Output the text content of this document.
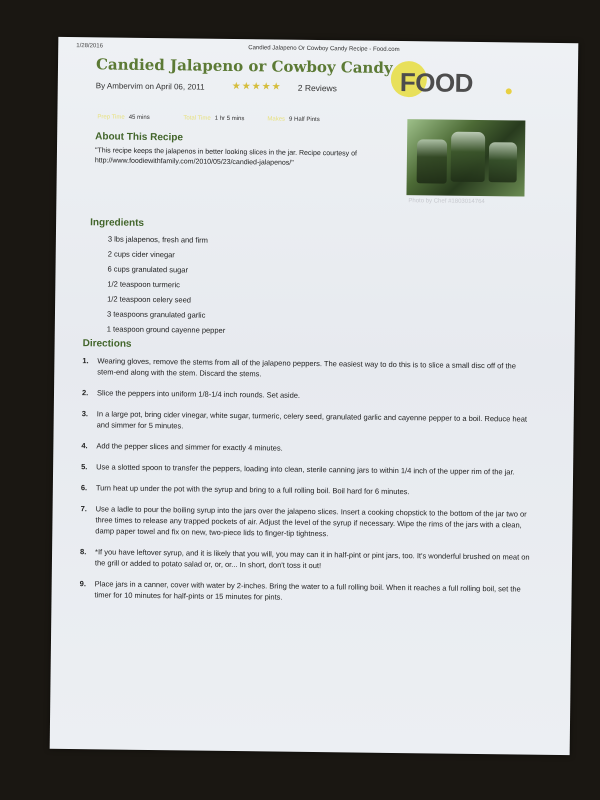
1/28/2016	Candied Jalapeno Or Cowboy Candy Recipe - Food.com
Candied Jalapeno or Cowboy Candy
By Ambervim on April 06, 2011	★★★★★ 2 Reviews FOOD
Prep Time 45 mins	Total Time 1 hr 5 mins	Makes 9 Half Pints
About This Recipe
"This recipe keeps the jalapenos in better looking slices in the jar. Recipe courtesy of http://www.foodiewithfamily.com/2010/05/23/candied-jalapenos/"
Photo by Chef #1803014764
Ingredients
3 lbs jalapenos, fresh and firm
2 cups cider vinegar
6 cups granulated sugar
1/2 teaspoon turmeric
1/2 teaspoon celery seed
3 teaspoons granulated garlic
1 teaspoon ground cayenne pepper
Directions
1. Wearing gloves, remove the stems from all of the jalapeno peppers. The easiest way to do this is to slice a small disc off of the stem-end along with the stem. Discard the stems.
2. Slice the peppers into uniform 1/8-1/4 inch rounds. Set aside.
3. In a large pot, bring cider vinegar, white sugar, turmeric, celery seed, granulated garlic and cayenne pepper to a boil. Reduce heat and simmer for 5 minutes.
4. Add the pepper slices and simmer for exactly 4 minutes.
5. Use a slotted spoon to transfer the peppers, loading into clean, sterile canning jars to within 1/4 inch of the upper rim of the jar.
6. Turn heat up under the pot with the syrup and bring to a full rolling boil. Boil hard for 6 minutes.
7. Use a ladle to pour the boiling syrup into the jars over the jalapeno slices. Insert a cooking chopstick to the bottom of the jar two or three times to release any trapped pockets of air. Adjust the level of the syrup if necessary. Wipe the rims of the jars with a clean, damp paper towel and fix on new, two-piece lids to finger-tip tightness.
8. *If you have leftover syrup, and it is likely that you will, you may can it in half-pint or pint jars, too. It's wonderful brushed on meat on the grill or added to potato salad or, or, or... In short, don't toss it out!
9. Place jars in a canner, cover with water by 2-inches. Bring the water to a full rolling boil. When it reaches a full rolling boil, set the timer for 10 minutes for half-pints or 15 minutes for pints.
